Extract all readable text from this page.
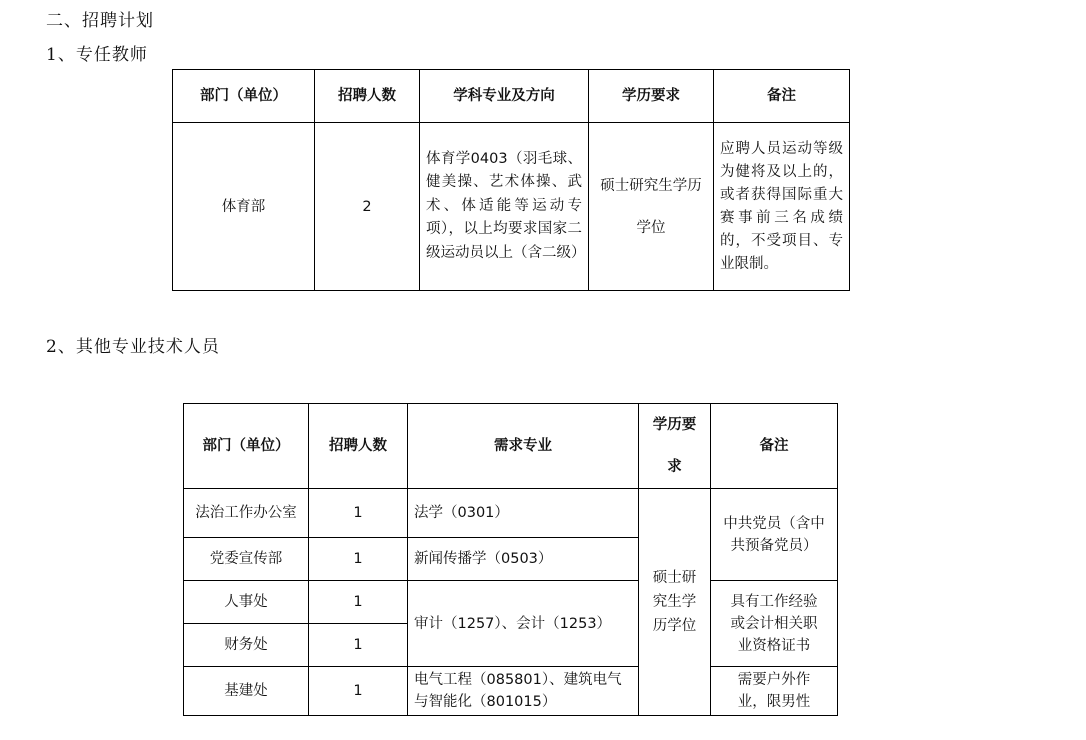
二、招聘计划
1、专任教师
部门（单位）	招聘人数	学科专业及方向	学历要求	备注
体育部	2	体育学0403（羽毛球、健美操、艺术体操、武术、体适能等运动专项），以上均要求国家二级运动员以上（含二级）	硕士研究生学历学位	应聘人员运动等级为健将及以上的，或者获得国际重大赛事前三名成绩的，不受项目、专业限制。
2、其他专业技术人员
部门（单位）	招聘人数	需求专业	学历要求	备注
法治工作办公室	1	法学（0301）	硕士研究生学历学位	中共党员（含中共预备党员）
党委宣传部	1	新闻传播学（0503）		
人事处	1	审计（1257）、会计（1253）		具有工作经验或会计相关职业资格证书
财务处	1			
基建处	1	电气工程（085801）、建筑电气与智能化（801015）		需要户外作业，限男性
